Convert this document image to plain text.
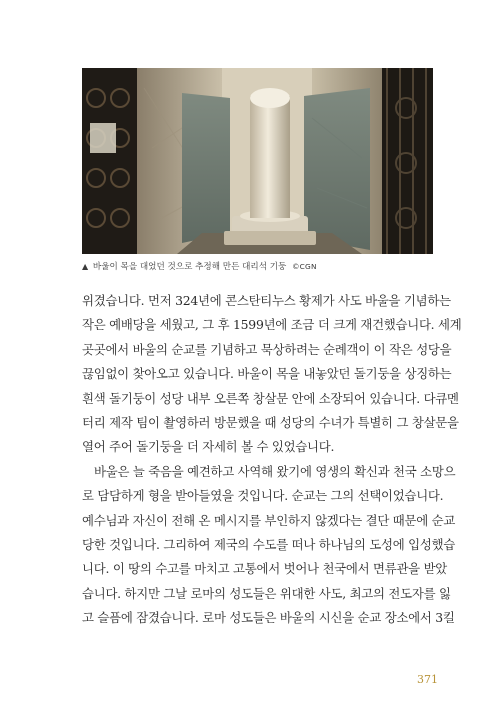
▲ 바울이 목을 대었던 것으로 추정해 만든 대리석 기둥 ©CGN
위겼습니다. 먼저 324년에 콘스탄티누스 황제가 사도 바울을 기념하는
작은 예배당을 세웠고, 그 후 1599년에 조금 더 크게 재건했습니다. 세계
곳곳에서 바울의 순교를 기념하고 묵상하려는 순례객이 이 작은 성당을
끊임없이 찾아오고 있습니다. 바울이 목을 내놓았던 돌기둥을 상징하는
흰색 돌기둥이 성당 내부 오른쪽 창살문 안에 소장되어 있습니다. 다큐멘
터리 제작 팀이 촬영하러 방문했을 때 성당의 수녀가 특별히 그 창살문을
열어 주어 돌기둥을 더 자세히 볼 수 있었습니다.
바울은 늘 죽음을 예견하고 사역해 왔기에 영생의 확신과 천국 소망으
로 담담하게 형을 받아들였을 것입니다. 순교는 그의 선택이었습니다.
예수님과 자신이 전해 온 메시지를 부인하지 않겠다는 결단 때문에 순교
당한 것입니다. 그리하여 제국의 수도를 떠나 하나님의 도성에 입성했습
니다. 이 땅의 수고를 마치고 고통에서 벗어나 천국에서 면류관을 받았
습니다. 하지만 그날 로마의 성도들은 위대한 사도, 최고의 전도자를 잃
고 슬픔에 잠겼습니다. 로마 성도들은 바울의 시신을 순교 장소에서 3킬
371
